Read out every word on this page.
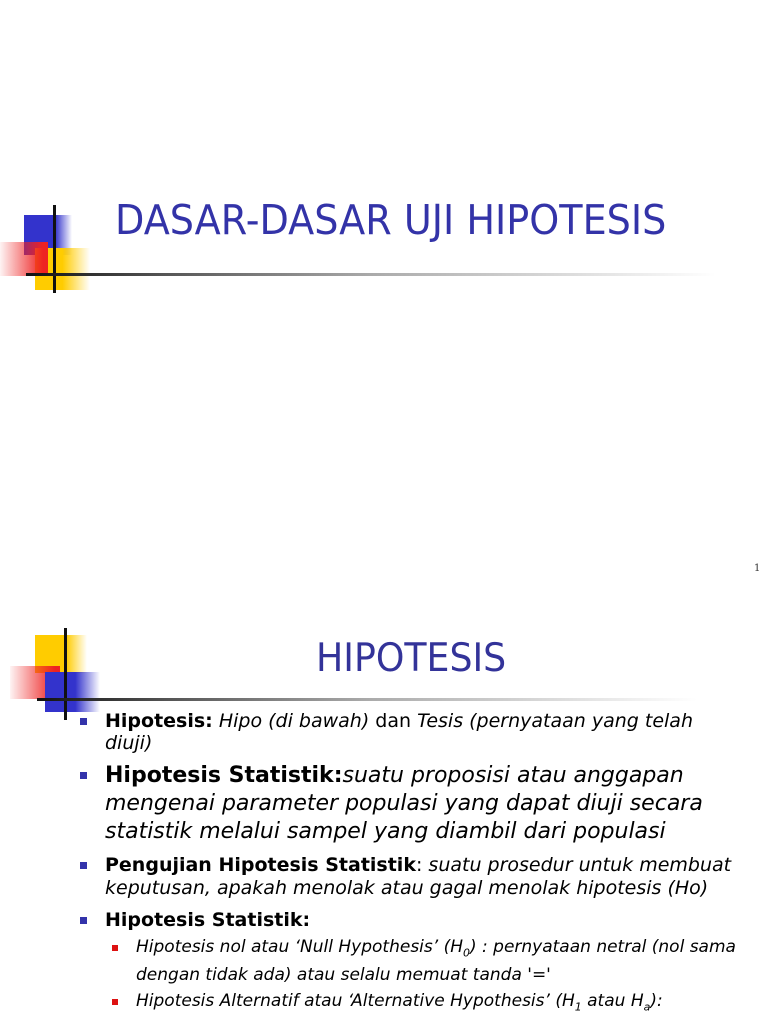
DASAR-DASAR UJI HIPOTESIS
1
HIPOTESIS
Hipotesis: Hipo (di bawah) dan Tesis (pernyataan yang telah diuji)
Hipotesis Statistik:suatu proposisi atau anggapan mengenai parameter populasi yang dapat diuji secara statistik melalui sampel yang diambil dari populasi
Pengujian Hipotesis Statistik: suatu prosedur untuk membuat keputusan, apakah menolak atau gagal menolak hipotesis (Ho)
Hipotesis Statistik:
Hipotesis nol atau ‘Null Hypothesis’ $(H_0)$ : pernyataan netral (nol sama dengan tidak ada) atau selalu memuat tanda '='
Hipotesis Alternatif atau ‘Alternative Hypothesis’ ($H_1$ atau $H_a$):
